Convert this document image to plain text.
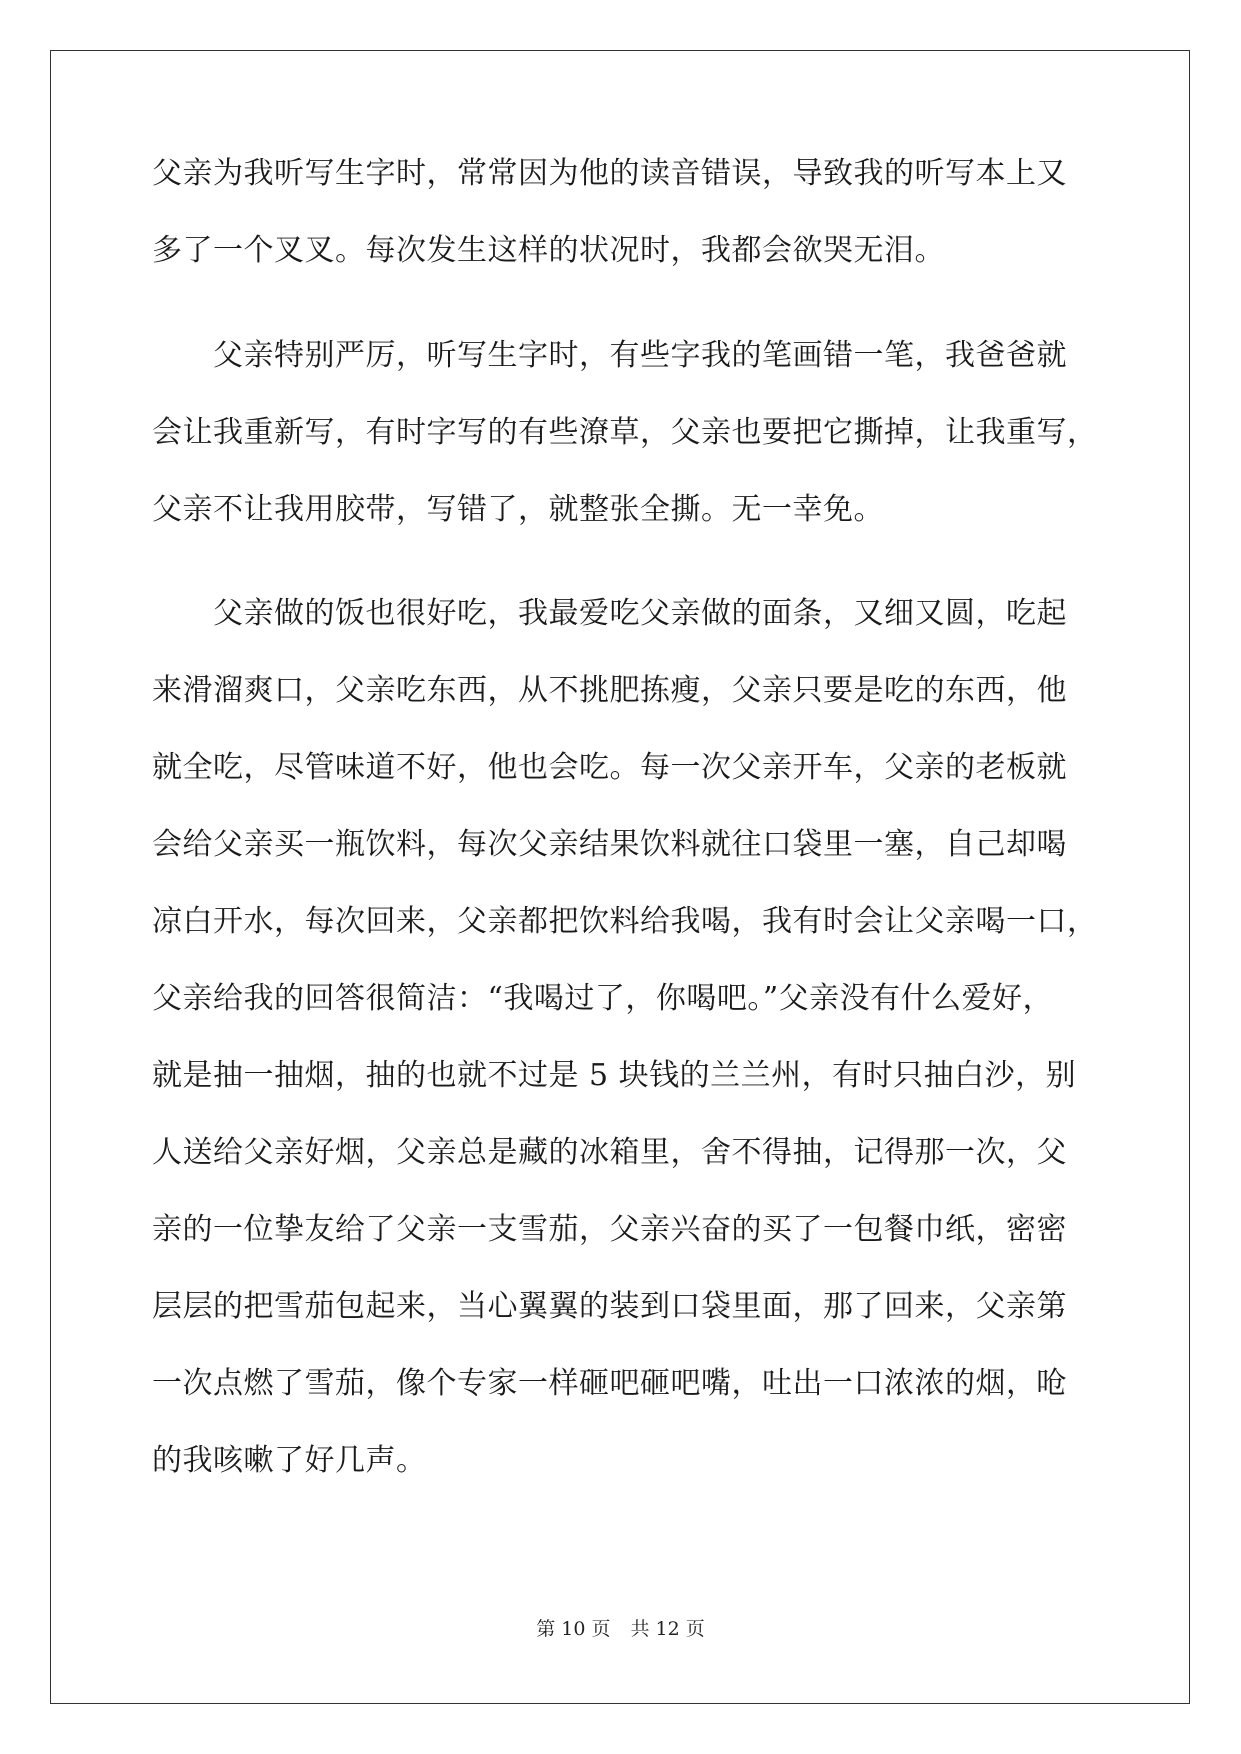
父亲为我听写生字时，常常因为他的读音错误，导致我的听写本上又
多了一个叉叉。每次发生这样的状况时，我都会欲哭无泪。
父亲特别严厉，听写生字时，有些字我的笔画错一笔，我爸爸就
会让我重新写，有时字写的有些潦草，父亲也要把它撕掉，让我重写，
父亲不让我用胶带，写错了，就整张全撕。无一幸免。
父亲做的饭也很好吃，我最爱吃父亲做的面条，又细又圆，吃起
来滑溜爽口，父亲吃东西，从不挑肥拣瘦，父亲只要是吃的东西，他
就全吃，尽管味道不好，他也会吃。每一次父亲开车，父亲的老板就
会给父亲买一瓶饮料，每次父亲结果饮料就往口袋里一塞，自己却喝
凉白开水，每次回来，父亲都把饮料给我喝，我有时会让父亲喝一口，
父亲给我的回答很简洁：“我喝过了，你喝吧。”父亲没有什么爱好，
就是抽一抽烟，抽的也就不过是 5 块钱的兰兰州，有时只抽白沙，别
人送给父亲好烟，父亲总是藏的冰箱里，舍不得抽，记得那一次，父
亲的一位挚友给了父亲一支雪茄，父亲兴奋的买了一包餐巾纸，密密
层层的把雪茄包起来，当心翼翼的装到口袋里面，那了回来，父亲第
一次点燃了雪茄，像个专家一样砸吧砸吧嘴，吐出一口浓浓的烟，呛
的我咳嗽了好几声。
第 10 页 共 12 页
